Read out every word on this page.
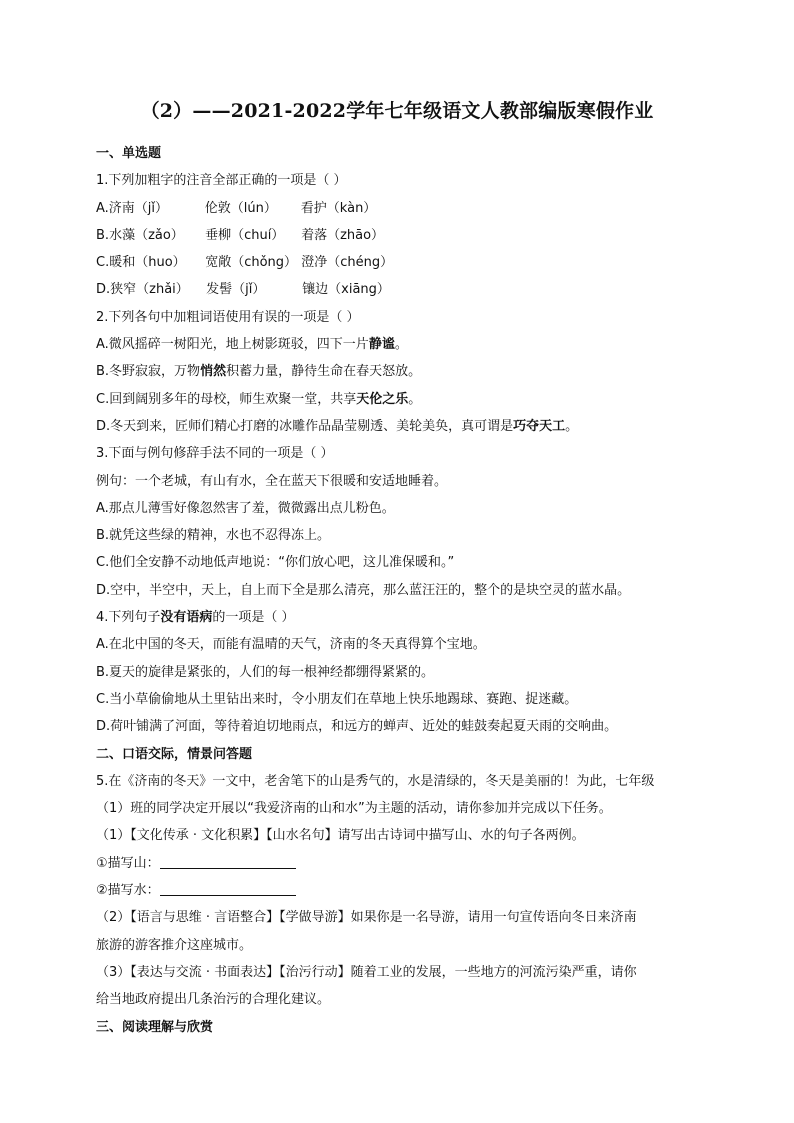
（2）——2021-2022学年七年级语文人教部编版寒假作业
一、单选题
1.下列加粗字的注音全部正确的一项是（ ）
A.济南（jǐ）	伦敦（lún） 看护（kàn）
B.水藻（zǎo） 垂柳（chuí） 着落（zhāo）
C.暖和（huo） 宽敞（chǒng） 澄净（chéng）
D.狭窄（zhǎi） 发髻（jǐ）	镶边（xiāng）
2.下列各句中加粗词语使用有误的一项是（ ）
A.微风摇碎一树阳光，地上树影斑驳，四下一片静谧。
B.冬野寂寂，万物悄然积蓄力量，静待生命在春天怒放。
C.回到阔别多年的母校，师生欢聚一堂，共享天伦之乐。
D.冬天到来，匠师们精心打磨的冰雕作品晶莹剔透、美轮美奂，真可谓是巧夺天工。
3.下面与例句修辞手法不同的一项是（ ）
例句：一个老城，有山有水，全在蓝天下很暖和安适地睡着。
A.那点儿薄雪好像忽然害了羞，微微露出点儿粉色。
B.就凭这些绿的精神，水也不忍得冻上。
C.他们全安静不动地低声地说：“你们放心吧，这儿准保暖和。”
D.空中，半空中，天上，自上而下全是那么清亮，那么蓝汪汪的，整个的是块空灵的蓝水晶。
4.下列句子没有语病的一项是（ ）
A.在北中国的冬天，而能有温晴的天气，济南的冬天真得算个宝地。
B.夏天的旋律是紧张的，人们的每一根神经都绷得紧紧的。
C.当小草偷偷地从土里钻出来时，令小朋友们在草地上快乐地踢球、赛跑、捉迷藏。
D.荷叶铺满了河面，等待着迫切地雨点，和远方的蝉声、近处的蛙鼓奏起夏天雨的交响曲。
二、口语交际，情景问答题
5.在《济南的冬天》一文中，老舍笔下的山是秀气的，水是清绿的，冬天是美丽的！为此，七年级
（1）班的同学决定开展以“我爱济南的山和水”为主题的活动，请你参加并完成以下任务。
（1）【文化传承 · 文化积累】【山水名句】请写出古诗词中描写山、水的句子各两例。
①描写山：
②描写水：
（2）【语言与思维 · 言语整合】【学做导游】如果你是一名导游，请用一句宣传语向冬日来济南
旅游的游客推介这座城市。
（3）【表达与交流 · 书面表达】【治污行动】随着工业的发展，一些地方的河流污染严重，请你
给当地政府提出几条治污的合理化建议。
三、阅读理解与欣赏
